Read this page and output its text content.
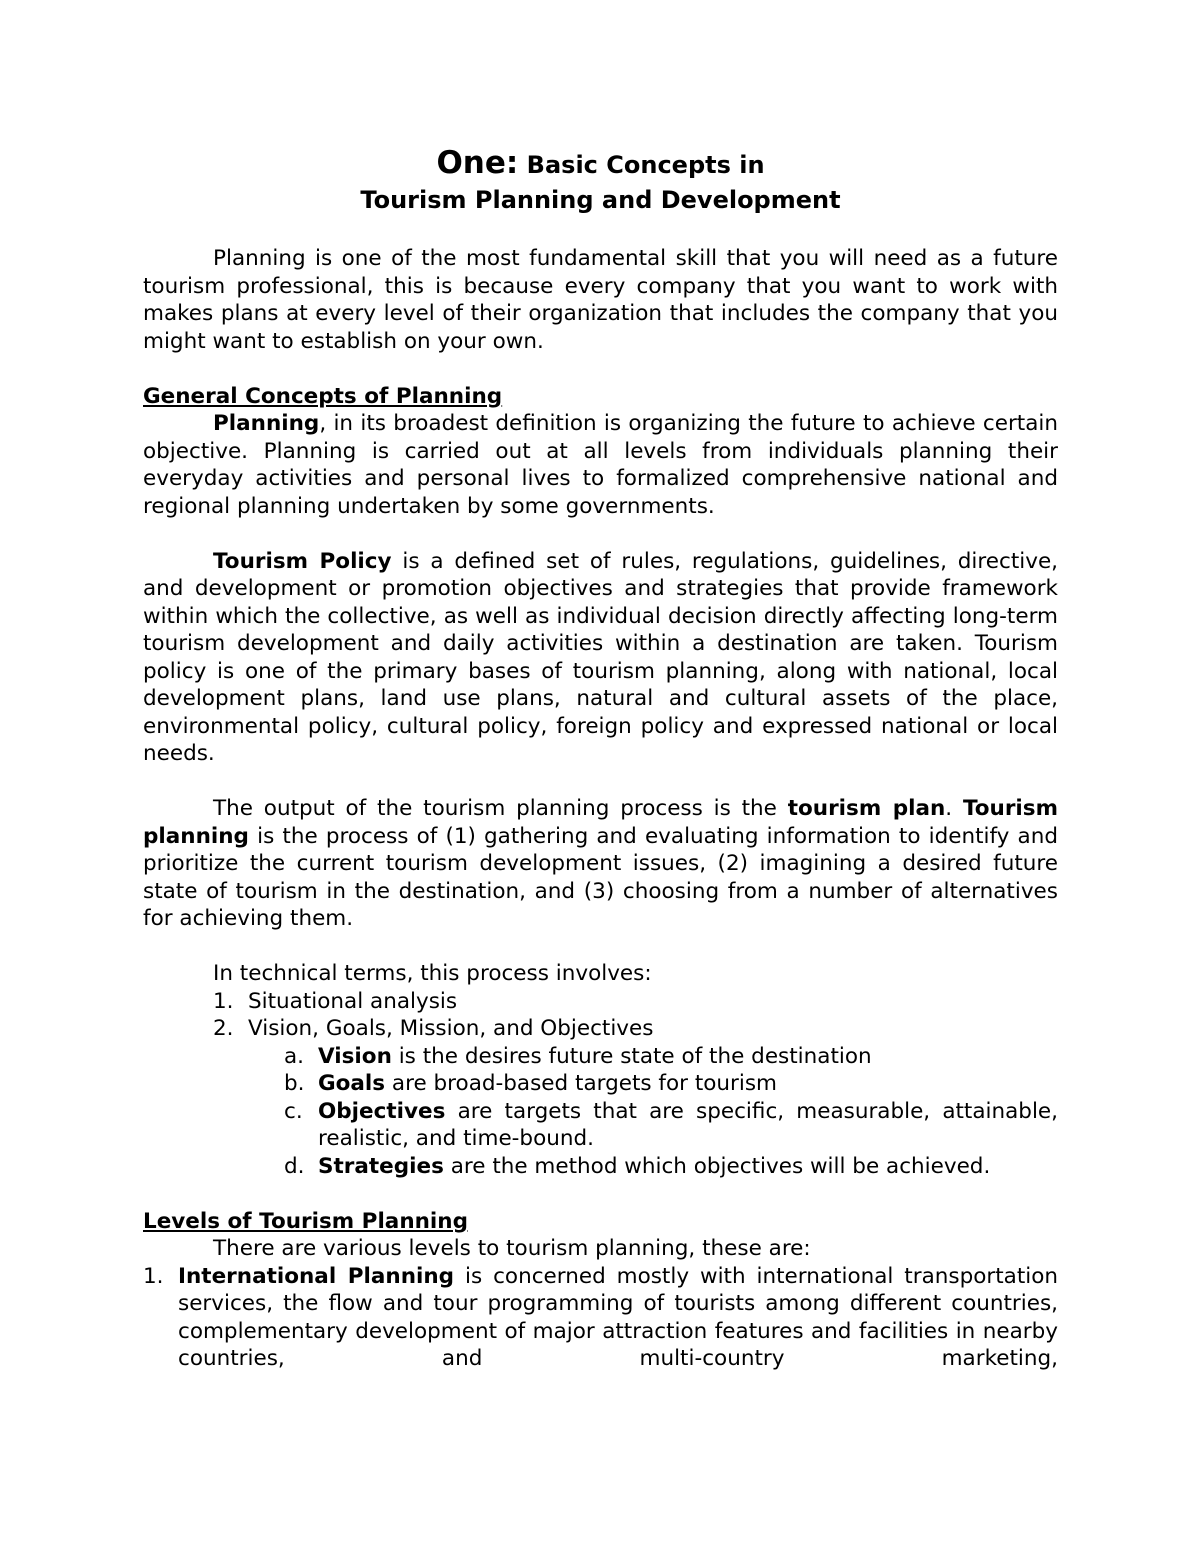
One: Basic Concepts in

Tourism Planning and Development

Planning is one of the most fundamental skill that you will need as a future tourism professional, this is because every company that you want to work with makes plans at every level of their organization that includes the company that you might want to establish on your own.

General Concepts of Planning

Planning, in its broadest definition is organizing the future to achieve certain objective. Planning is carried out at all levels from individuals planning their everyday activities and personal lives to formalized comprehensive national and regional planning undertaken by some governments.

Tourism Policy is a defined set of rules, regulations, guidelines, directive, and development or promotion objectives and strategies that provide framework within which the collective, as well as individual decision directly affecting long-term tourism development and daily activities within a destination are taken. Tourism policy is one of the primary bases of tourism planning, along with national, local development plans, land use plans, natural and cultural assets of the place, environmental policy, cultural policy, foreign policy and expressed national or local needs.

The output of the tourism planning process is the tourism plan. Tourism planning is the process of (1) gathering and evaluating information to identify and prioritize the current tourism development issues, (2) imagining a desired future state of tourism in the destination, and (3) choosing from a number of alternatives for achieving them.

In technical terms, this process involves:

1. Situational analysis
2. Vision, Goals, Mission, and Objectives
a. Vision is the desires future state of the destination
b. Goals are broad-based targets for tourism
c. Objectives are targets that are specific, measurable, attainable, realistic, and time-bound.
d. Strategies are the method which objectives will be achieved.

Levels of Tourism Planning

There are various levels to tourism planning, these are:

1. International Planning is concerned mostly with international transportation services, the flow and tour programming of tourists among different countries, complementary development of major attraction features and facilities in nearby countries, and multi-country marketing,
